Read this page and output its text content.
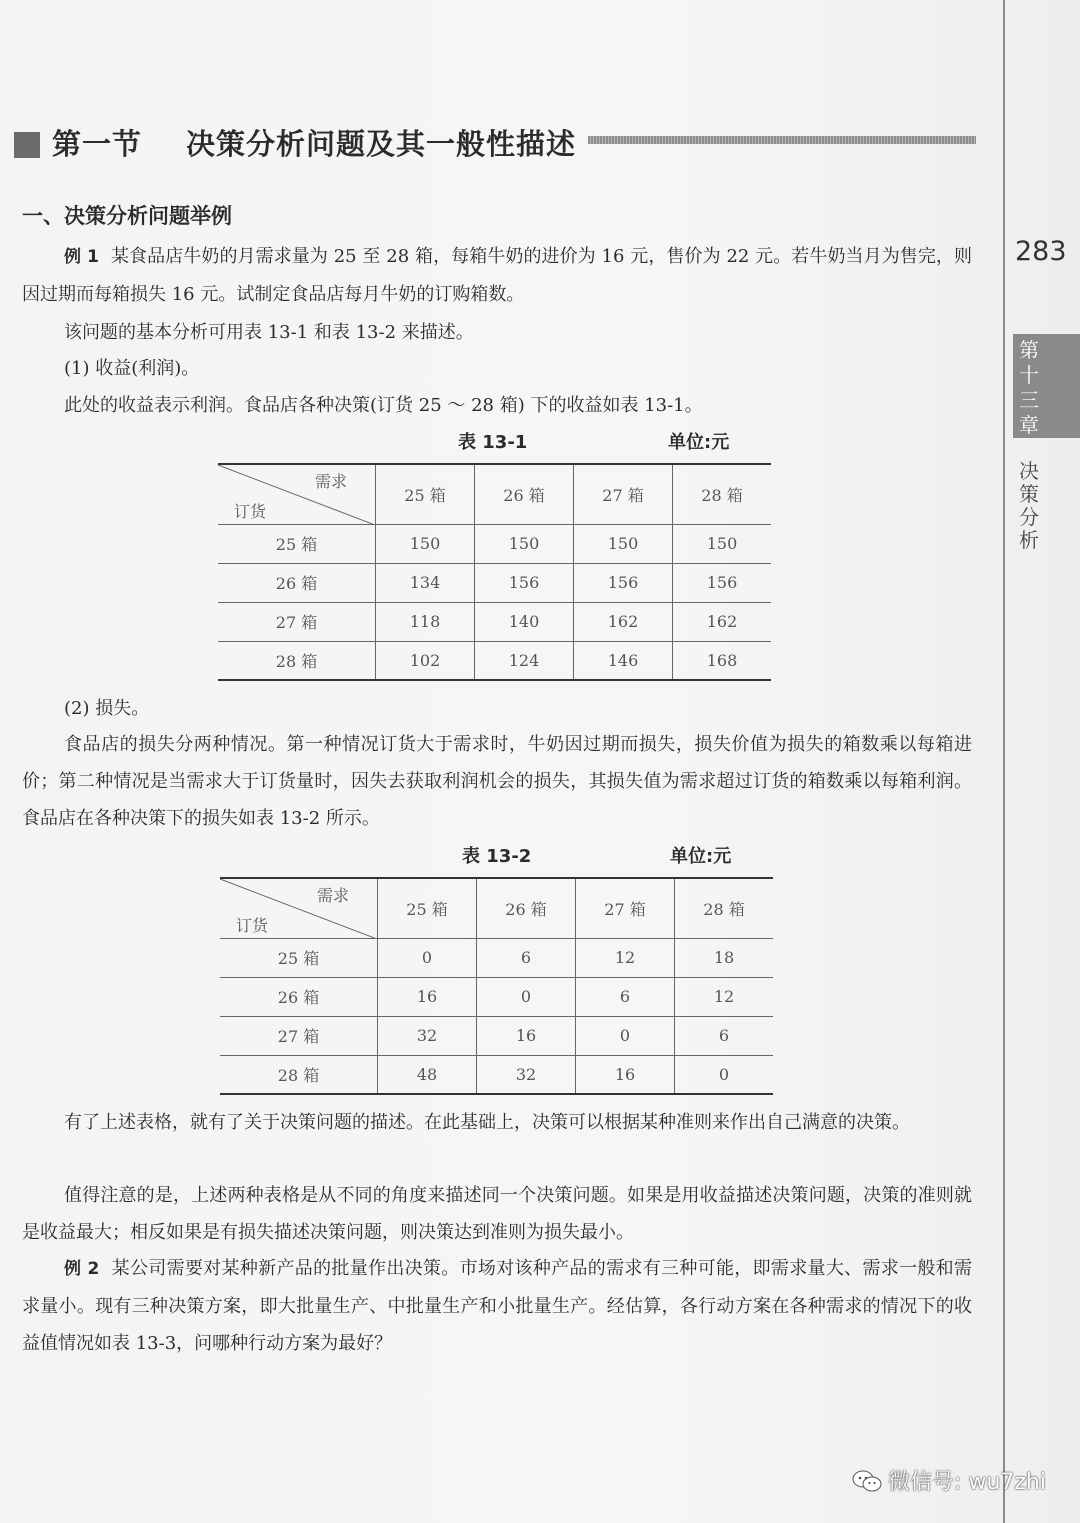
第一节 决策分析问题及其一般性描述
一、决策分析问题举例

例 1 某食品店牛奶的月需求量为 25 至 28 箱，每箱牛奶的进价为 16 元，售价为 22 元。若牛奶当月为售完，则因过期而每箱损失 16 元。试制定食品店每月牛奶的订购箱数。

该问题的基本分析可用表 13-1 和表 13-2 来描述。
(1) 收益(利润)。
此处的收益表示利润。食品店各种决策(订货 25 ～ 28 箱) 下的收益如表 13-1。
表 13-1	单位:元
需求
订货	25 箱	26 箱	27 箱	28 箱
25 箱	150	150	150	150
26 箱	134	156	156	156
27 箱	118	140	162	162
28 箱	102	124	146	168
(2) 损失。

食品店的损失分两种情况。第一种情况订货大于需求时，牛奶因过期而损失，损失价值为损失的箱数乘以每箱进价；第二种情况是当需求大于订货量时，因失去获取利润机会的损失，其损失值为需求超过订货的箱数乘以每箱利润。食品店在各种决策下的损失如表 13-2 所示。

表 13-2	单位:元
需求
订货	25 箱	26 箱	27 箱	28 箱
25 箱	0	6	12	18
26 箱	16	0	6	12
27 箱	32	16	0	6
28 箱	48	32	16	0

有了上述表格，就有了关于决策问题的描述。在此基础上，决策可以根据某种准则来作出自己满意的决策。

值得注意的是，上述两种表格是从不同的角度来描述同一个决策问题。如果是用收益描述决策问题，决策的准则就是收益最大；相反如果是有损失描述决策问题，则决策达到准则为损失最小。

例 2 某公司需要对某种新产品的批量作出决策。市场对该种产品的需求有三种可能，即需求量大、需求一般和需求量小。现有三种决策方案，即大批量生产、中批量生产和小批量生产。经估算，各行动方案在各种需求的情况下的收益值情况如表 13-3，问哪种行动方案为最好？

283
第十三章
决策分析
微信号: wu7zhi
